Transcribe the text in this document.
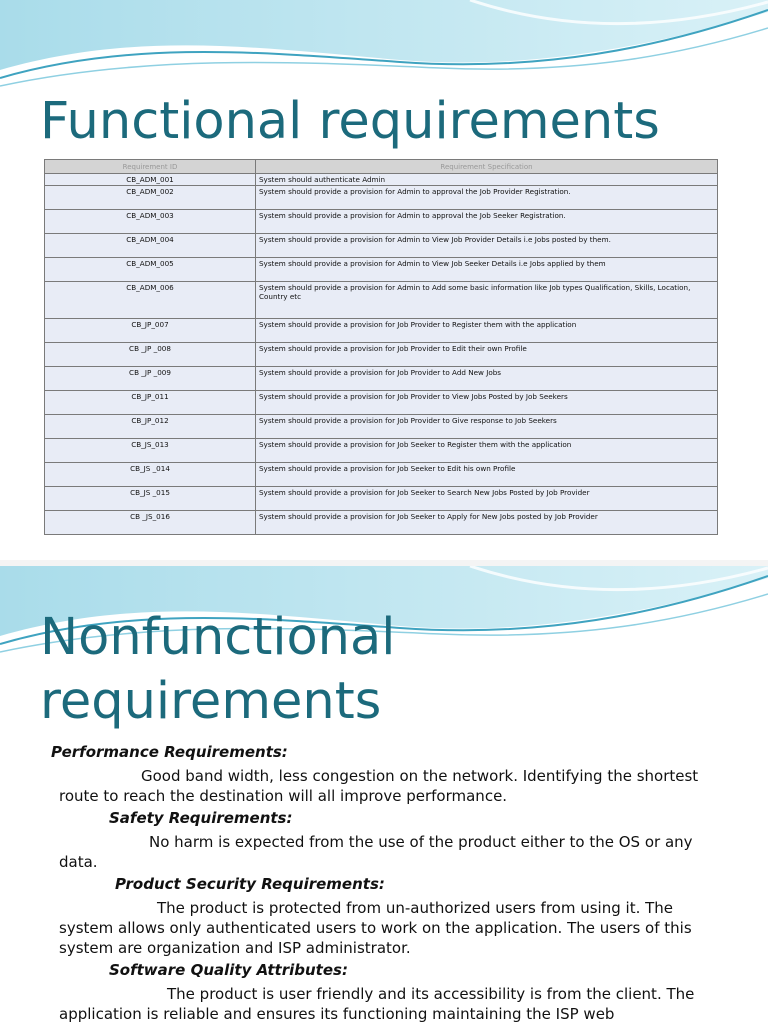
Functional requirements
Requirement ID	Requirement Specification
CB_ADM_001	System should authenticate Admin
CB_ADM_002	System should provide a provision for Admin to approval the Job Provider Registration.
CB_ADM_003	System should provide a provision for Admin to approval the Job Seeker Registration.
CB_ADM_004	System should provide a provision for Admin to View Job Provider Details i.e Jobs posted by them.
CB_ADM_005	System should provide a provision for Admin to View Job Seeker Details i.e Jobs applied by them
CB_ADM_006	System should provide a provision for Admin to Add some basic information like Job types Qualification, Skills, Location, Country etc
CB_JP_007	System should provide a provision for Job Provider to Register them with the application
CB _JP _008	System should provide a provision for Job Provider to Edit their own Profile
CB _JP _009	System should provide a provision for Job Provider to Add New Jobs
CB_JP_011	System should provide a provision for Job Provider to View Jobs Posted by Job Seekers
CB_JP_012	System should provide a provision for Job Provider to Give response to Job Seekers
CB_JS_013	System should provide a provision for Job Seeker to Register them with the application
CB_JS _014	System should provide a provision for Job Seeker to Edit his own Profile
CB_JS _015	System should provide a provision for Job Seeker to Search New Jobs Posted by Job Provider
CB _JS_016	System should provide a provision for Job Seeker to Apply for New Jobs posted by Job Provider
Nonfunctional requirements
Performance Requirements:
Good band width, less congestion on the network. Identifying the shortest route to reach the destination will all improve performance.
Safety Requirements:
No harm is expected from the use of the product either to the OS or any data.
Product Security Requirements:
The product is protected from un-authorized users from using it. The system allows only authenticated users to work on the application. The users of this system are organization and ISP administrator.
Software Quality Attributes:
The product is user friendly and its accessibility is from the client. The application is reliable and ensures its functioning maintaining the ISP web
